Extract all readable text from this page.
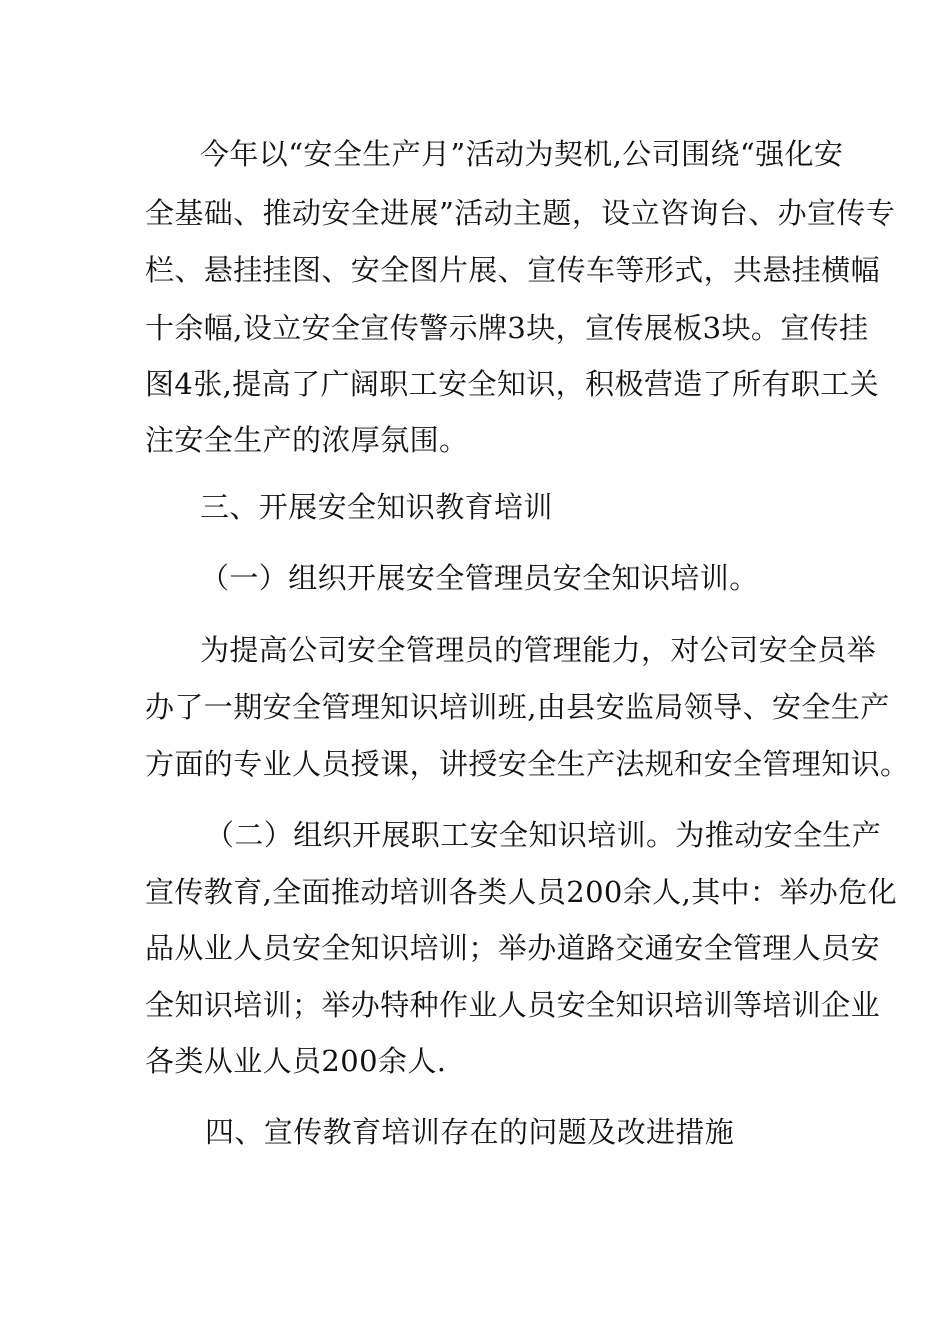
今年以“安全生产月”活动为契机,公司围绕“强化安
全基础、推动安全进展”活动主题，设立咨询台、办宣传专
栏、悬挂挂图、安全图片展、宣传车等形式，共悬挂横幅
十余幅,设立安全宣传警示牌3块，宣传展板3块。宣传挂
图4张,提高了广阔职工安全知识，积极营造了所有职工关
注安全生产的浓厚氛围。
三、开展安全知识教育培训
（一）组织开展安全管理员安全知识培训。
为提高公司安全管理员的管理能力，对公司安全员举
办了一期安全管理知识培训班,由县安监局领导、安全生产
方面的专业人员授课，讲授安全生产法规和安全管理知识。
（二）组织开展职工安全知识培训。为推动安全生产
宣传教育,全面推动培训各类人员200余人,其中：举办危化
品从业人员安全知识培训；举办道路交通安全管理人员安
全知识培训；举办特种作业人员安全知识培训等培训企业
各类从业人员200余人.
四、宣传教育培训存在的问题及改进措施
